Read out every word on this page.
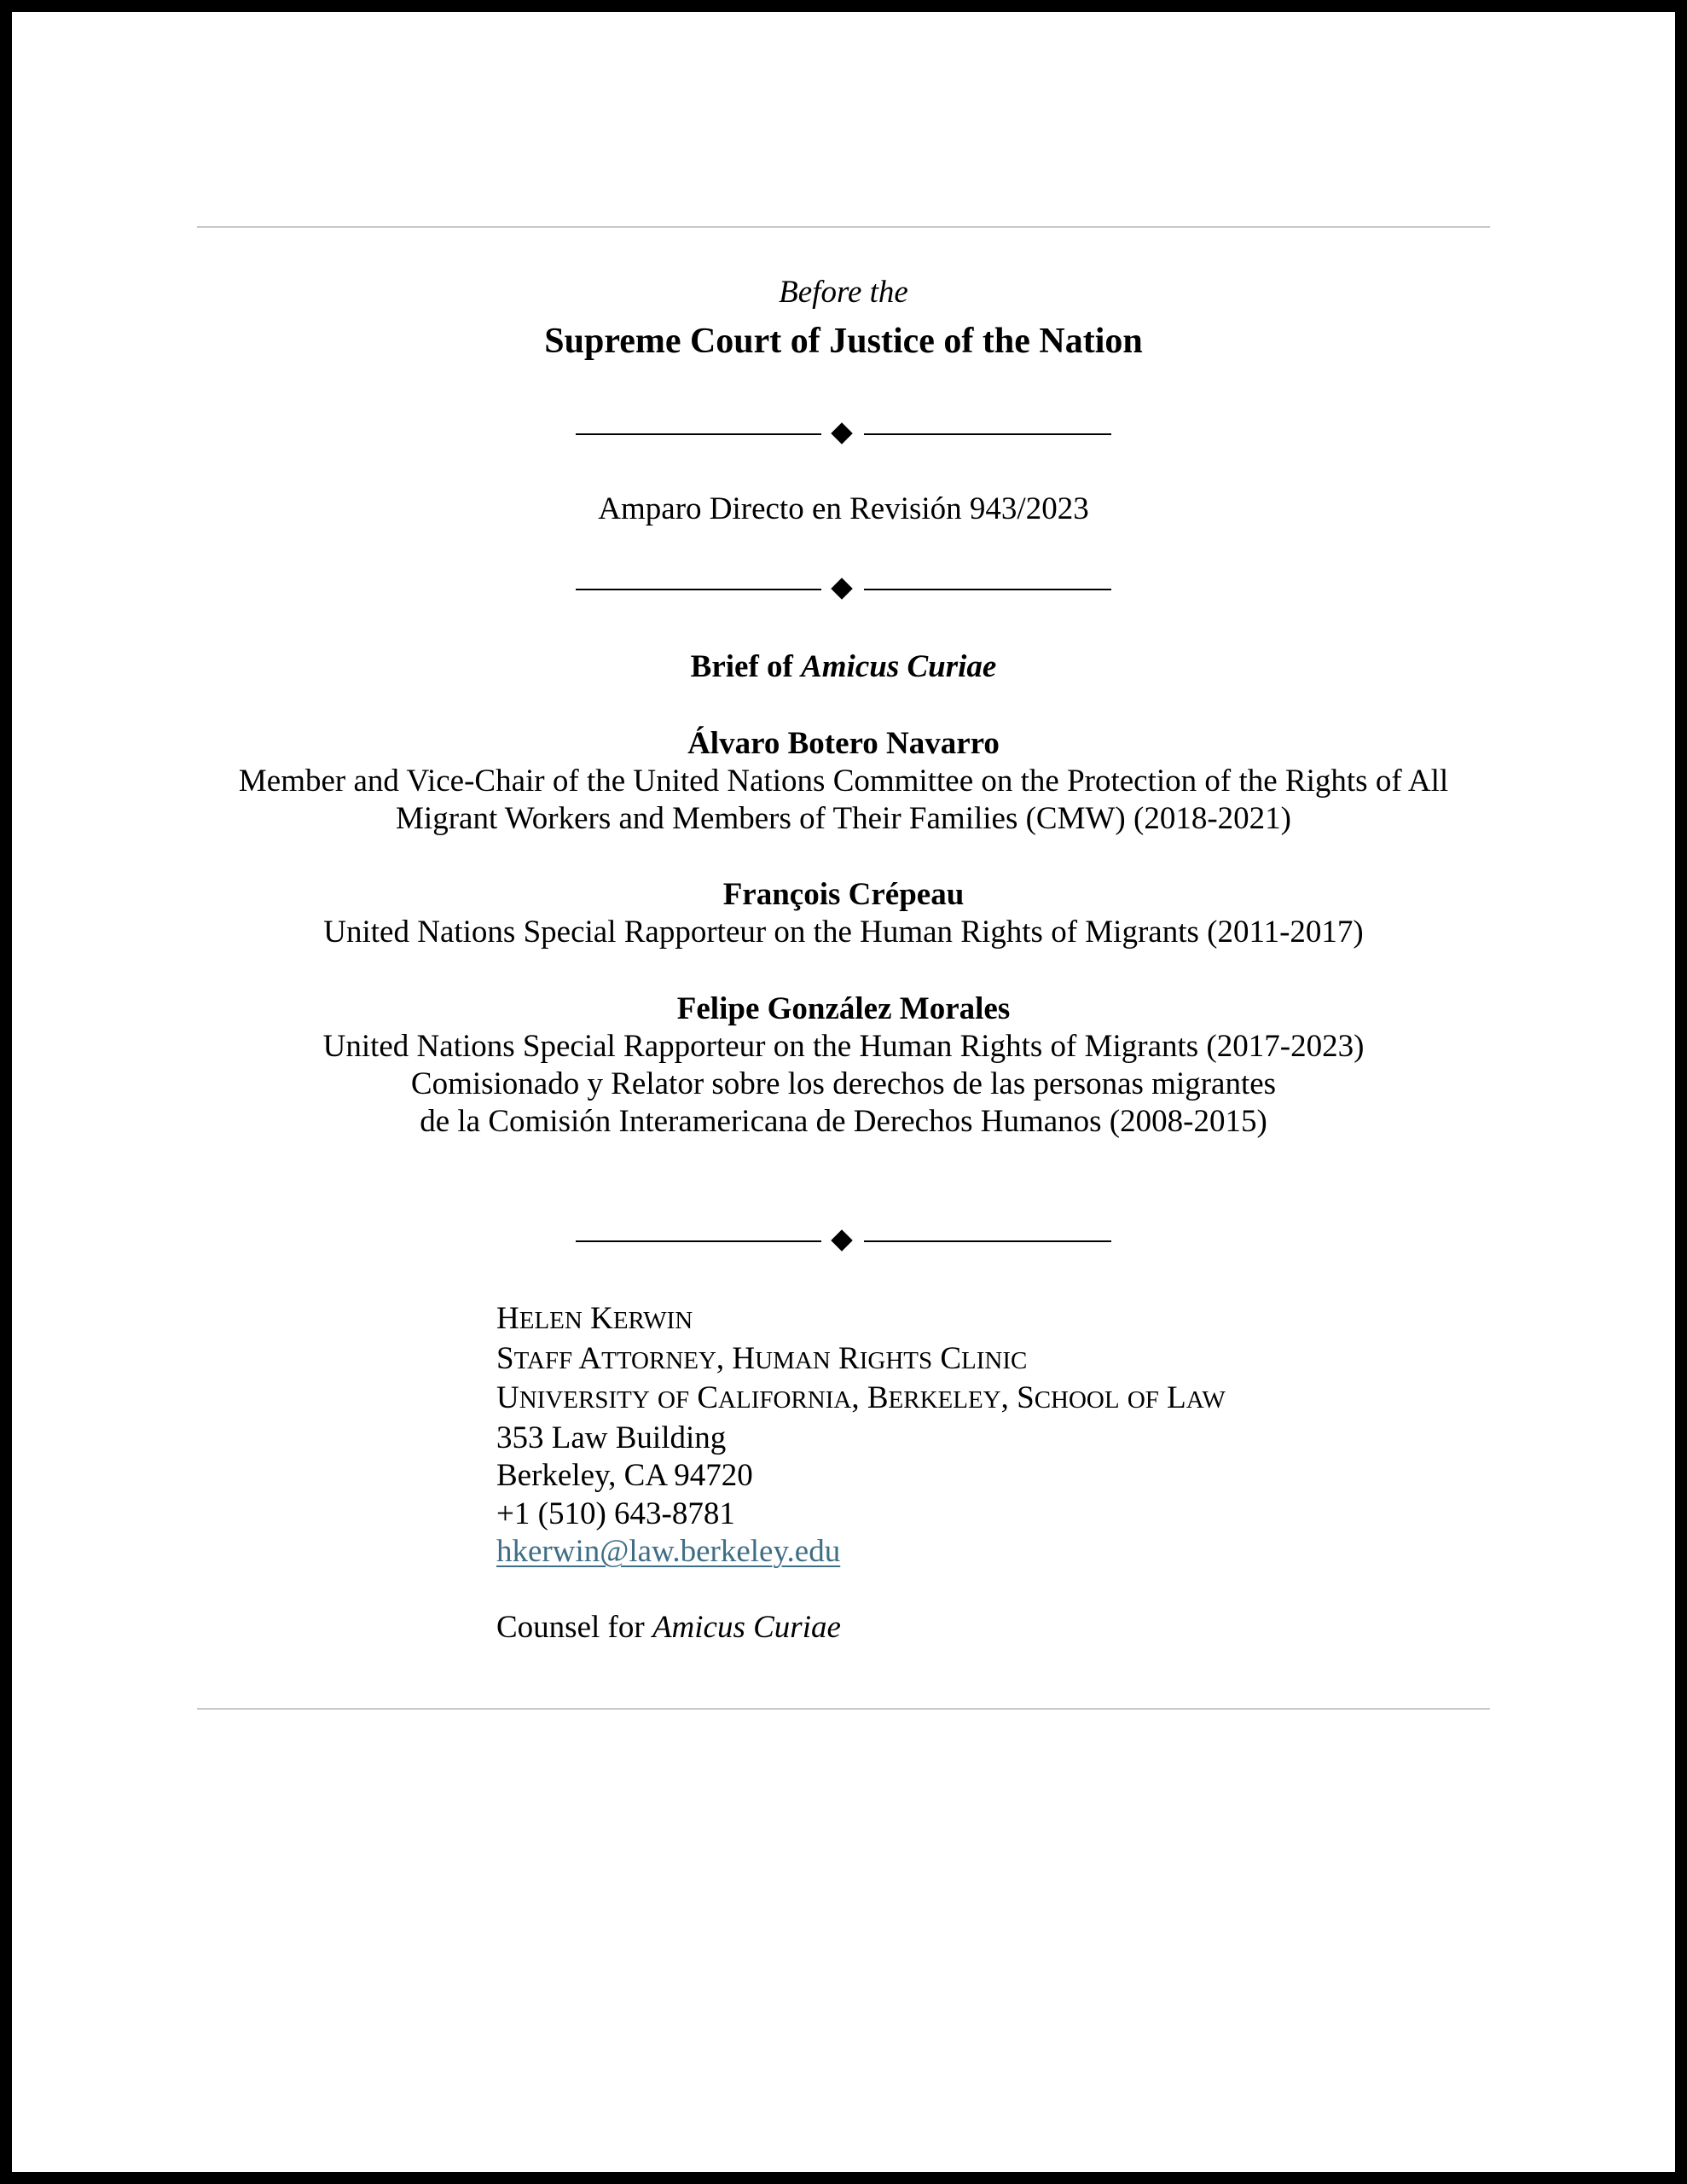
Before the
Supreme Court of Justice of the Nation
Amparo Directo en Revisión 943/2023
Brief of Amicus Curiae
Álvaro Botero Navarro
Member and Vice-Chair of the United Nations Committee on the Protection of the Rights of All
Migrant Workers and Members of Their Families (CMW) (2018-2021)
François Crépeau
United Nations Special Rapporteur on the Human Rights of Migrants (2011-2017)
Felipe González Morales
United Nations Special Rapporteur on the Human Rights of Migrants (2017-2023)
Comisionado y Relator sobre los derechos de las personas migrantes
de la Comisión Interamericana de Derechos Humanos (2008-2015)
HELEN KERWIN
STAFF ATTORNEY, HUMAN RIGHTS CLINIC
UNIVERSITY OF CALIFORNIA, BERKELEY, SCHOOL OF LAW
353 Law Building
Berkeley, CA 94720
+1 (510) 643-8781
hkerwin@law.berkeley.edu
Counsel for Amicus Curiae
